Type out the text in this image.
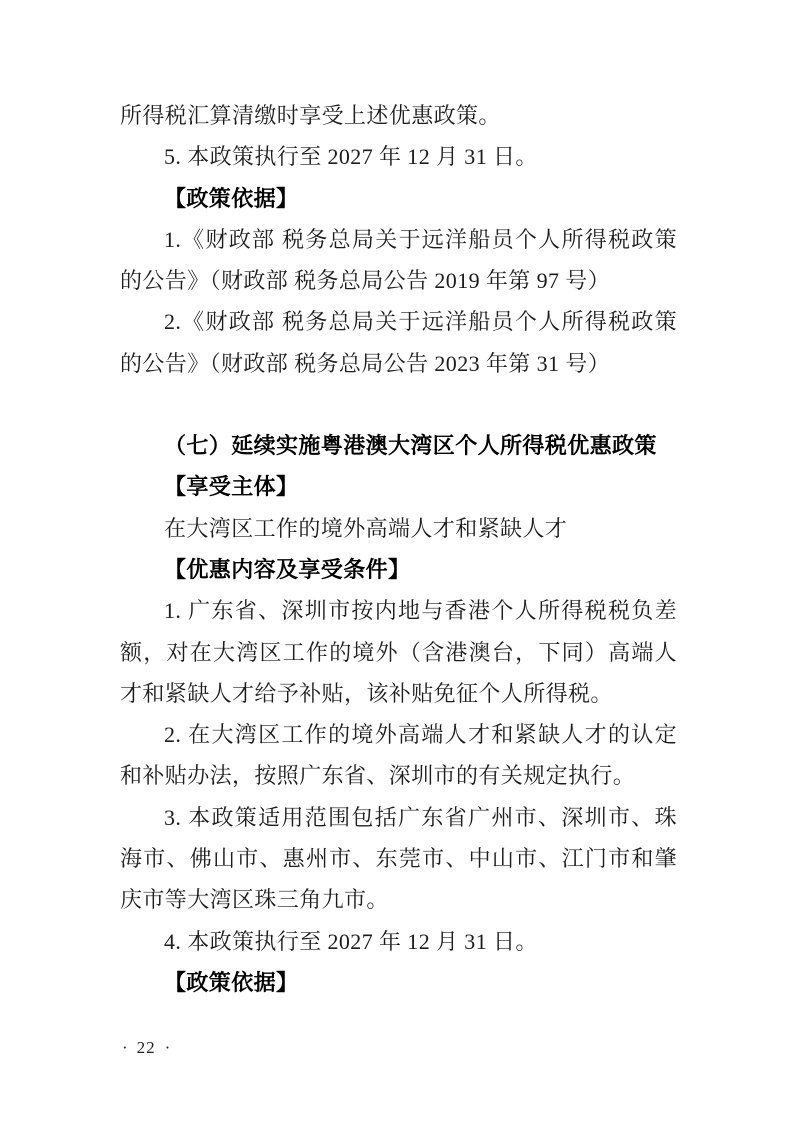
所得税汇算清缴时享受上述优惠政策。

5. 本政策执行至 2027 年 12 月 31 日。

【政策依据】

1.《财政部 税务总局关于远洋船员个人所得税政策的公告》（财政部 税务总局公告 2019 年第 97 号）

2.《财政部 税务总局关于远洋船员个人所得税政策的公告》（财政部 税务总局公告 2023 年第 31 号）

（七）延续实施粤港澳大湾区个人所得税优惠政策

【享受主体】

在大湾区工作的境外高端人才和紧缺人才

【优惠内容及享受条件】

1. 广东省、深圳市按内地与香港个人所得税税负差额，对在大湾区工作的境外（含港澳台，下同）高端人才和紧缺人才给予补贴，该补贴免征个人所得税。

2. 在大湾区工作的境外高端人才和紧缺人才的认定和补贴办法，按照广东省、深圳市的有关规定执行。

3. 本政策适用范围包括广东省广州市、深圳市、珠海市、佛山市、惠州市、东莞市、中山市、江门市和肇庆市等大湾区珠三角九市。

4. 本政策执行至 2027 年 12 月 31 日。

【政策依据】

· 22 ·
